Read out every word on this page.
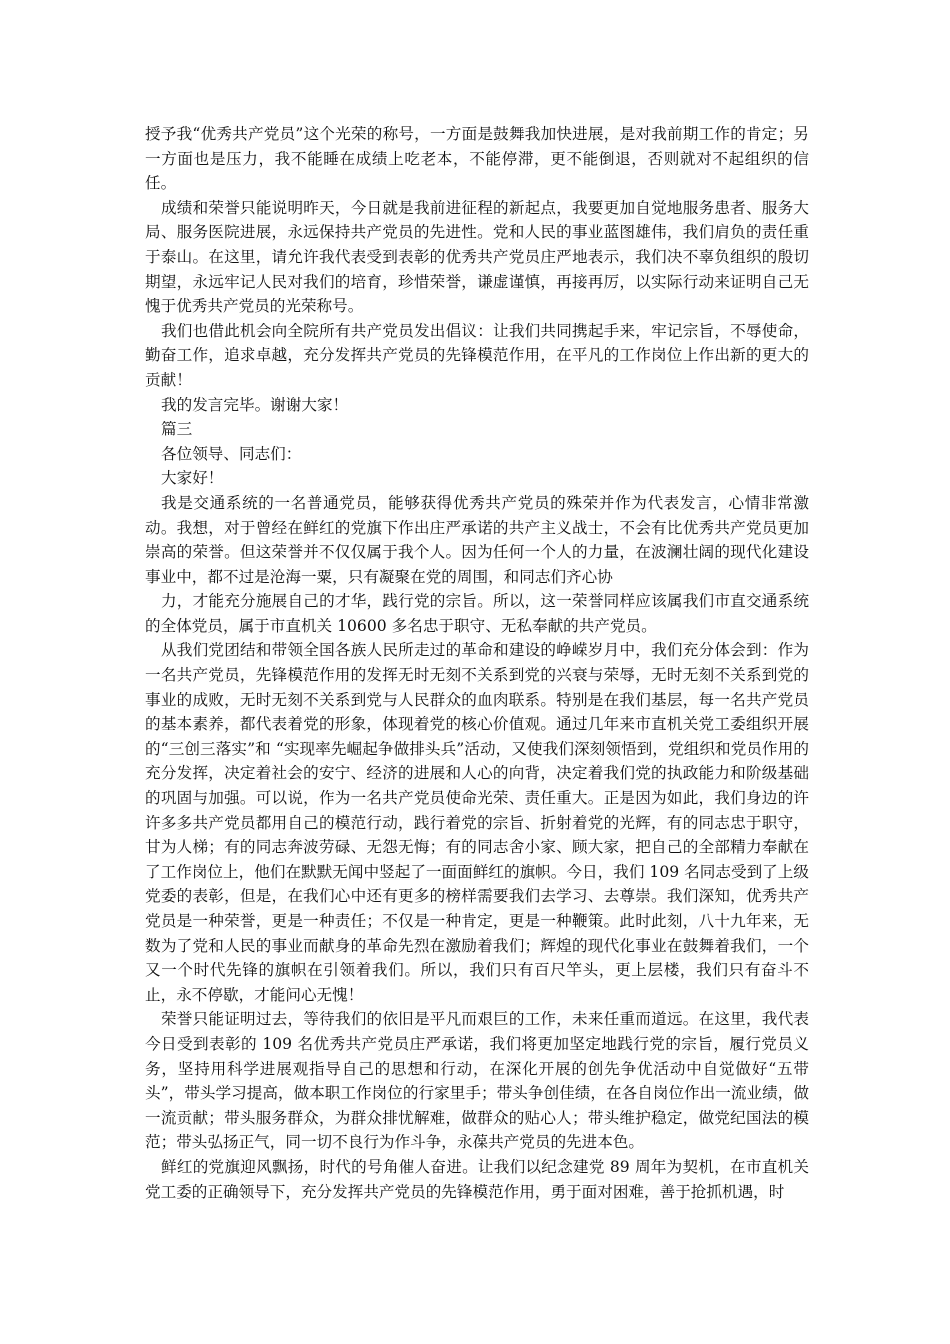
授予我“优秀共产党员”这个光荣的称号，一方面是鼓舞我加快进展，是对我前期工作的肯定；另一方面也是压力，我不能睡在成绩上吃老本，不能停滞，更不能倒退，否则就对不起组织的信任。

成绩和荣誉只能说明昨天，今日就是我前进征程的新起点，我要更加自觉地服务患者、服务大局、服务医院进展，永远保持共产党员的先进性。党和人民的事业蓝图雄伟，我们肩负的责任重于泰山。在这里，请允许我代表受到表彰的优秀共产党员庄严地表示，我们决不辜负组织的殷切期望，永远牢记人民对我们的培育，珍惜荣誉，谦虚谨慎，再接再厉，以实际行动来证明自己无愧于优秀共产党员的光荣称号。

我们也借此机会向全院所有共产党员发出倡议：让我们共同携起手来，牢记宗旨，不辱使命，勤奋工作，追求卓越，充分发挥共产党员的先锋模范作用，在平凡的工作岗位上作出新的更大的贡献！

我的发言完毕。谢谢大家！

篇三

各位领导、同志们：

大家好！

我是交通系统的一名普通党员，能够获得优秀共产党员的殊荣并作为代表发言，心情非常激动。我想，对于曾经在鲜红的党旗下作出庄严承诺的共产主义战士，不会有比优秀共产党员更加崇高的荣誉。但这荣誉并不仅仅属于我个人。因为任何一个人的力量，在波澜壮阔的现代化建设事业中，都不过是沧海一粟，只有凝聚在党的周围，和同志们齐心协

力，才能充分施展自己的才华，践行党的宗旨。所以，这一荣誉同样应该属我们市直交通系统的全体党员，属于市直机关 10600 多名忠于职守、无私奉献的共产党员。

从我们党团结和带领全国各族人民所走过的革命和建设的峥嵘岁月中，我们充分体会到：作为一名共产党员，先锋模范作用的发挥无时无刻不关系到党的兴衰与荣辱，无时无刻不关系到党的事业的成败，无时无刻不关系到党与人民群众的血肉联系。特别是在我们基层，每一名共产党员的基本素养，都代表着党的形象，体现着党的核心价值观。通过几年来市直机关党工委组织开展的“三创三落实”和 “实现率先崛起争做排头兵”活动，又使我们深刻领悟到，党组织和党员作用的充分发挥，决定着社会的安宁、经济的进展和人心的向背，决定着我们党的执政能力和阶级基础的巩固与加强。可以说，作为一名共产党员使命光荣、责任重大。正是因为如此，我们身边的许许多多共产党员都用自己的模范行动，践行着党的宗旨、折射着党的光辉，有的同志忠于职守，甘为人梯；有的同志奔波劳碌、无怨无悔；有的同志舍小家、顾大家，把自己的全部精力奉献在了工作岗位上，他们在默默无闻中竖起了一面面鲜红的旗帜。今日，我们 109 名同志受到了上级党委的表彰，但是，在我们心中还有更多的榜样需要我们去学习、去尊崇。我们深知，优秀共产党员是一种荣誉，更是一种责任；不仅是一种肯定，更是一种鞭策。此时此刻，八十九年来，无数为了党和人民的事业而献身的革命先烈在激励着我们；辉煌的现代化事业在鼓舞着我们，一个又一个时代先锋的旗帜在引领着我们。所以，我们只有百尺竿头，更上层楼，我们只有奋斗不止，永不停歇，才能问心无愧！

荣誉只能证明过去，等待我们的依旧是平凡而艰巨的工作，未来任重而道远。在这里，我代表今日受到表彰的 109 名优秀共产党员庄严承诺，我们将更加坚定地践行党的宗旨，履行党员义务，坚持用科学进展观指导自己的思想和行动，在深化开展的创先争优活动中自觉做好“五带头”，带头学习提高，做本职工作岗位的行家里手；带头争创佳绩，在各自岗位作出一流业绩，做一流贡献；带头服务群众，为群众排忧解难，做群众的贴心人；带头维护稳定，做党纪国法的模范；带头弘扬正气，同一切不良行为作斗争，永葆共产党员的先进本色。

鲜红的党旗迎风飘扬，时代的号角催人奋进。让我们以纪念建党 89 周年为契机，在市直机关党工委的正确领导下，充分发挥共产党员的先锋模范作用，勇于面对困难，善于抢抓机遇，时
